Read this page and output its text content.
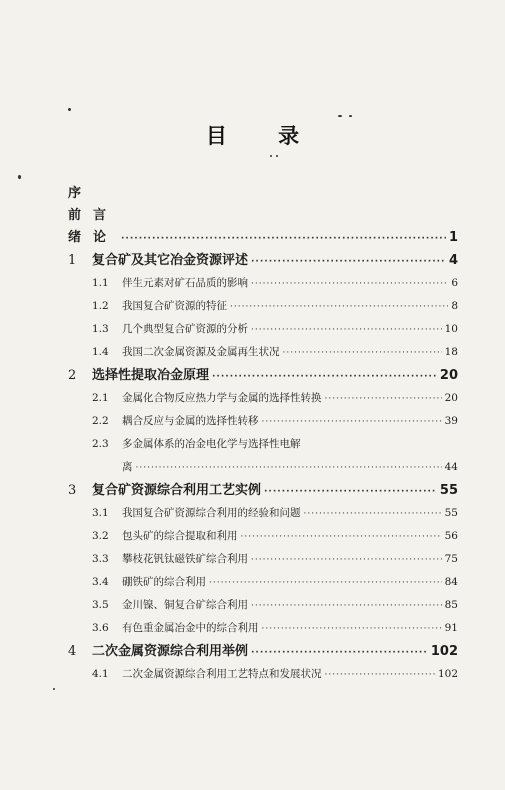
目 录
序
前言
绪论 ·····	1
1	复合矿及其它冶金资源评述 ·····	4
1.1	伴生元素对矿石品质的影响 ·····	6
1.2	我国复合矿资源的特征 ·····	8
1.3	几个典型复合矿资源的分析 ·····	10
1.4	我国二次金属资源及金属再生状况 ·····	18
2	选择性提取冶金原理 ·····	20
2.1	金属化合物反应热力学与金属的选择性转换 ·····	20
2.2	耦合反应与金属的选择性转移 ·····	39
2.3	多金属体系的冶金电化学与选择性电解
离 ·····	44
3	复合矿资源综合利用工艺实例 ·····	55
3.1	我国复合矿资源综合利用的经验和问题 ·····	55
3.2	包头矿的综合提取和利用 ·····	56
3.3	攀枝花钒钛磁铁矿综合利用 ·····	75
3.4	硼铁矿的综合利用 ·····	84
3.5	金川镍、铜复合矿综合利用 ·····	85
3.6	有色重金属冶金中的综合利用 ·····	91
4	二次金属资源综合利用举例 ·····	102
4.1	二次金属资源综合利用工艺特点和发展状况 ·····	102
